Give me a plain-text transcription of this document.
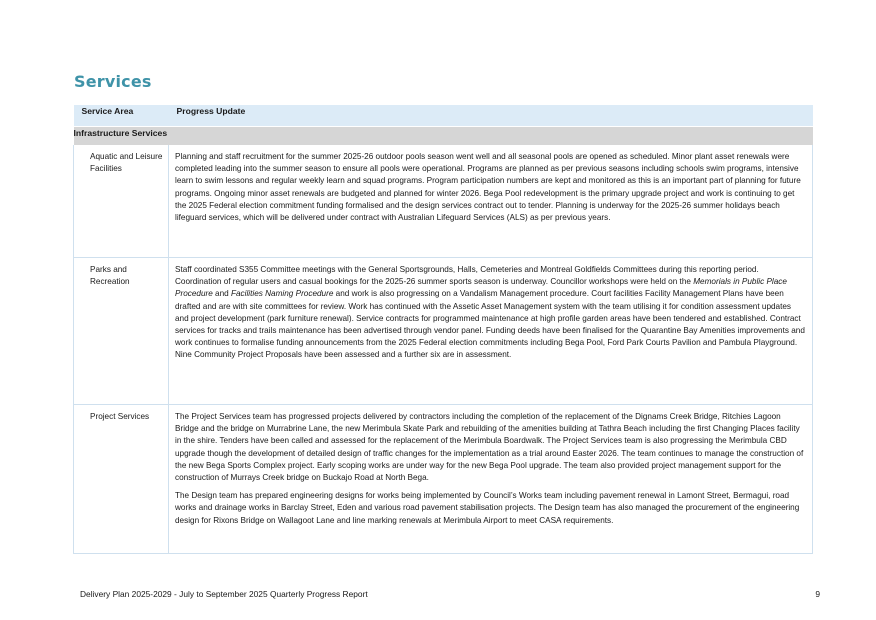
Services
Service Area	Progress Update
Infrastructure Services	
Aquatic and Leisure Facilities	Planning and staff recruitment for the summer 2025-26 outdoor pools season went well and all seasonal pools are opened as scheduled. Minor plant asset renewals were completed leading into the summer season to ensure all pools were operational. Programs are planned as per previous seasons including schools swim programs, intensive learn to swim lessons and regular weekly learn and squad programs. Program participation numbers are kept and monitored as this is an important part of planning for future programs. Ongoing minor asset renewals are budgeted and planned for winter 2026. Bega Pool redevelopment is the primary upgrade project and work is continuing to get the 2025 Federal election commitment funding formalised and the design services contract out to tender. Planning is underway for the 2025-26 summer holidays beach lifeguard services, which will be delivered under contract with Australian Lifeguard Services (ALS) as per previous years.

Parks and Recreation	Staff coordinated S355 Committee meetings with the General Sportsgrounds, Halls, Cemeteries and Montreal Goldfields Committees during this reporting period. Coordination of regular users and casual bookings for the 2025-26 summer sports season is underway. Councillor workshops were held on the Memorials in Public Place Procedure and Facilities Naming Procedure and work is also progressing on a Vandalism Management procedure. Court facilities Facility Management Plans have been drafted and are with site committees for review. Work has continued with the Assetic Asset Management system with the team utilising it for condition assessment updates and project development (park furniture renewal). Service contracts for programmed maintenance at high profile garden areas have been tendered and established. Contract services for tracks and trails maintenance has been advertised through vendor panel. Funding deeds have been finalised for the Quarantine Bay Amenities improvements and work continues to formalise funding announcements from the 2025 Federal election commitments including Bega Pool, Ford Park Courts Pavilion and Pambula Playground. Nine Community Project Proposals have been assessed and a further six are in assessment.

Project Services	The Project Services team has progressed projects delivered by contractors including the completion of the replacement of the Dignams Creek Bridge, Ritchies Lagoon Bridge and the bridge on Murrabrine Lane, the new Merimbula Skate Park and rebuilding of the amenities building at Tathra Beach including the first Changing Places facility in the shire. Tenders have been called and assessed for the replacement of the Merimbula Boardwalk. The Project Services team is also progressing the Merimbula CBD upgrade though the development of detailed design of traffic changes for the implementation as a trial around Easter 2026. The team continues to manage the construction of the new Bega Sports Complex project. Early scoping works are under way for the new Bega Pool upgrade. The team also provided project management support for the construction of Murrays Creek bridge on Buckajo Road at North Bega.

The Design team has prepared engineering designs for works being implemented by Council’s Works team including pavement renewal in Lamont Street, Bermagui, road works and drainage works in Barclay Street, Eden and various road pavement stabilisation projects. The Design team has also managed the procurement of the engineering design for Rixons Bridge on Wallagoot Lane and line marking renewals at Merimbula Airport to meet CASA requirements.

Delivery Plan 2025-2029 - July to September 2025 Quarterly Progress Report	9
